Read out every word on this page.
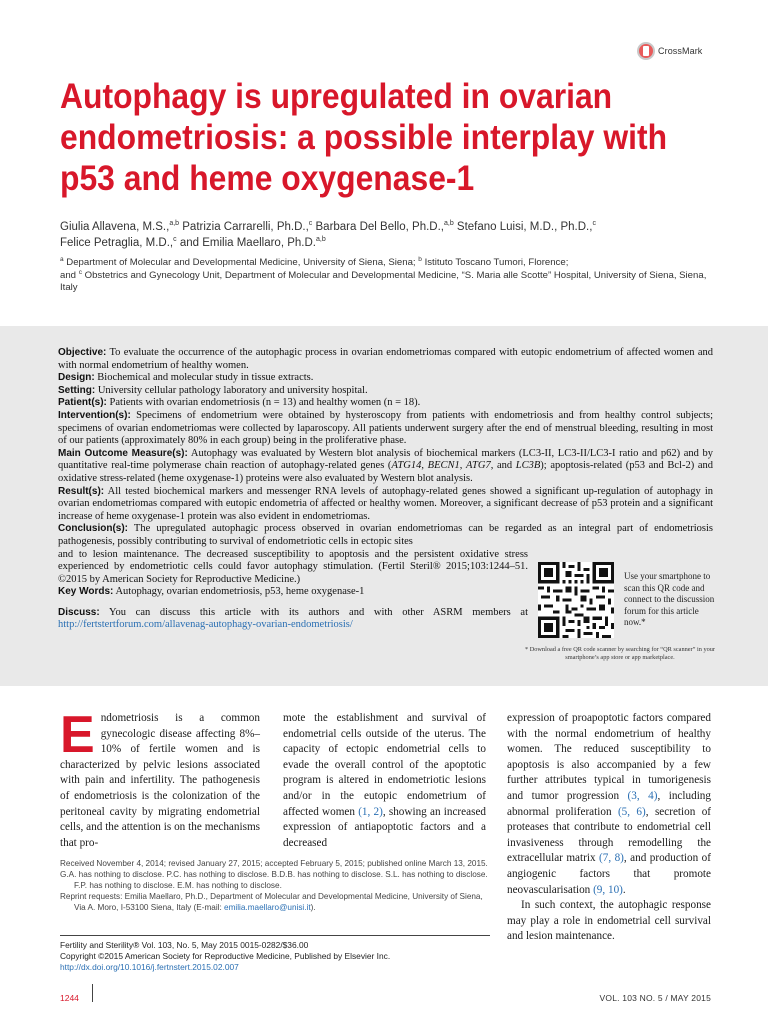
CrossMark
Autophagy is upregulated in ovarian endometriosis: a possible interplay with p53 and heme oxygenase-1
Giulia Allavena, M.S.,$^{a,b}$ Patrizia Carrarelli, Ph.D.,$^c$ Barbara Del Bello, Ph.D.,$^{a,b}$ Stefano Luisi, M.D., Ph.D.,$^c$
Felice Petraglia, M.D.,$^c$ and Emilia Maellaro, Ph.D.$^{a,b}$
$^a$ Department of Molecular and Developmental Medicine, University of Siena, Siena; $^b$ Istituto Toscano Tumori, Florence;
and $^c$ Obstetrics and Gynecology Unit, Department of Molecular and Developmental Medicine, “S. Maria alle Scotte” Hospital, University of Siena, Siena, Italy

Objective: To evaluate the occurrence of the autophagic process in ovarian endometriomas compared with eutopic endometrium of affected women and with normal endometrium of healthy women.

Design: Biochemical and molecular study in tissue extracts.

Setting: University cellular pathology laboratory and university hospital.

Patient(s): Patients with ovarian endometriosis (n = 13) and healthy women (n = 18).

Intervention(s): Specimens of endometrium were obtained by hysteroscopy from patients with endometriosis and from healthy control subjects; specimens of ovarian endometriomas were collected by laparoscopy. All patients underwent surgery after the end of menstrual bleeding, resulting in most of our patients (approximately 80% in each group) being in the proliferative phase.

Main Outcome Measure(s): Autophagy was evaluated by Western blot analysis of biochemical markers (LC3-II, LC3-II/LC3-I ratio and p62) and by quantitative real-time polymerase chain reaction of autophagy-related genes (ATG14, BECN1, ATG7, and LC3B); apoptosis-related (p53 and Bcl-2) and oxidative stress-related (heme oxygenase-1) proteins were also evaluated by Western blot analysis.

Result(s): All tested biochemical markers and messenger RNA levels of autophagy-related genes showed a significant up-regulation of autophagy in ovarian endometriomas compared with eutopic endometria of affected or healthy women. Moreover, a significant decrease of p53 protein and a significant increase of heme oxygenase-1 protein was also evident in endometriomas.

Conclusion(s): The upregulated autophagic process observed in ovarian endometriomas can be regarded as an integral part of endometriosis pathogenesis, possibly contributing to survival of endometriotic cells in ectopic sites
and to lesion maintenance. The decreased susceptibility to apoptosis and the persistent oxidative stress experienced by endometriotic cells could favor autophagy stimulation. (Fertil Steril® 2015;103:1244–51. ©2015 by American Society for Reproductive Medicine.)

Key Words: Autophagy, ovarian endometriosis, p53, heme oxygenase-1

Discuss: You can discuss this article with its authors and with other ASRM members at http://fertstertforum.com/allavenag-autophagy-ovarian-endometriosis/

Use your smartphone to scan this QR code and connect to the discussion forum for this article now.*
* Download a free QR code scanner by searching for “QR scanner” in your smartphone’s app store or app marketplace.
Endometriosis is a common gynecologic disease affecting 8%–10% of fertile women and is characterized by pelvic lesions associated with pain and infertility. The pathogenesis of endometriosis is the colonization of the peritoneal cavity by migrating endometrial cells, and the attention is on the mechanisms that pro-
mote the establishment and survival of endometrial cells outside of the uterus. The capacity of ectopic endometrial cells to evade the overall control of the apoptotic program is altered in endometriotic lesions and/or in the eutopic endometrium of affected women (1, 2), showing an increased expression of antiapoptotic factors and a decreased

expression of proapoptotic factors compared with the normal endometrium of healthy women. The reduced susceptibility to apoptosis is also accompanied by a few further attributes typical in tumorigenesis and tumor progression (3, 4), including abnormal proliferation (5, 6), secretion of proteases that contribute to endometrial cell invasiveness through remodelling the extracellular matrix (7, 8), and production of angiogenic factors that promote neovascularisation (9, 10).

In such context, the autophagic response may play a role in endometrial cell survival and lesion maintenance.

Received November 4, 2014; revised January 27, 2015; accepted February 5, 2015; published online March 13, 2015.

G.A. has nothing to disclose. P.C. has nothing to disclose. B.D.B. has nothing to disclose. S.L. has nothing to disclose. F.P. has nothing to disclose. E.M. has nothing to disclose.

Reprint requests: Emilia Maellaro, Ph.D., Department of Molecular and Developmental Medicine, University of Siena, Via A. Moro, I-53100 Siena, Italy (E-mail: emilia.maellaro@unisi.it).

Fertility and Sterility® Vol. 103, No. 5, May 2015 0015-0282/$36.00
Copyright ©2015 American Society for Reproductive Medicine, Published by Elsevier Inc.
http://dx.doi.org/10.1016/j.fertnstert.2015.02.007
1244	VOL. 103 NO. 5 / MAY 2015
